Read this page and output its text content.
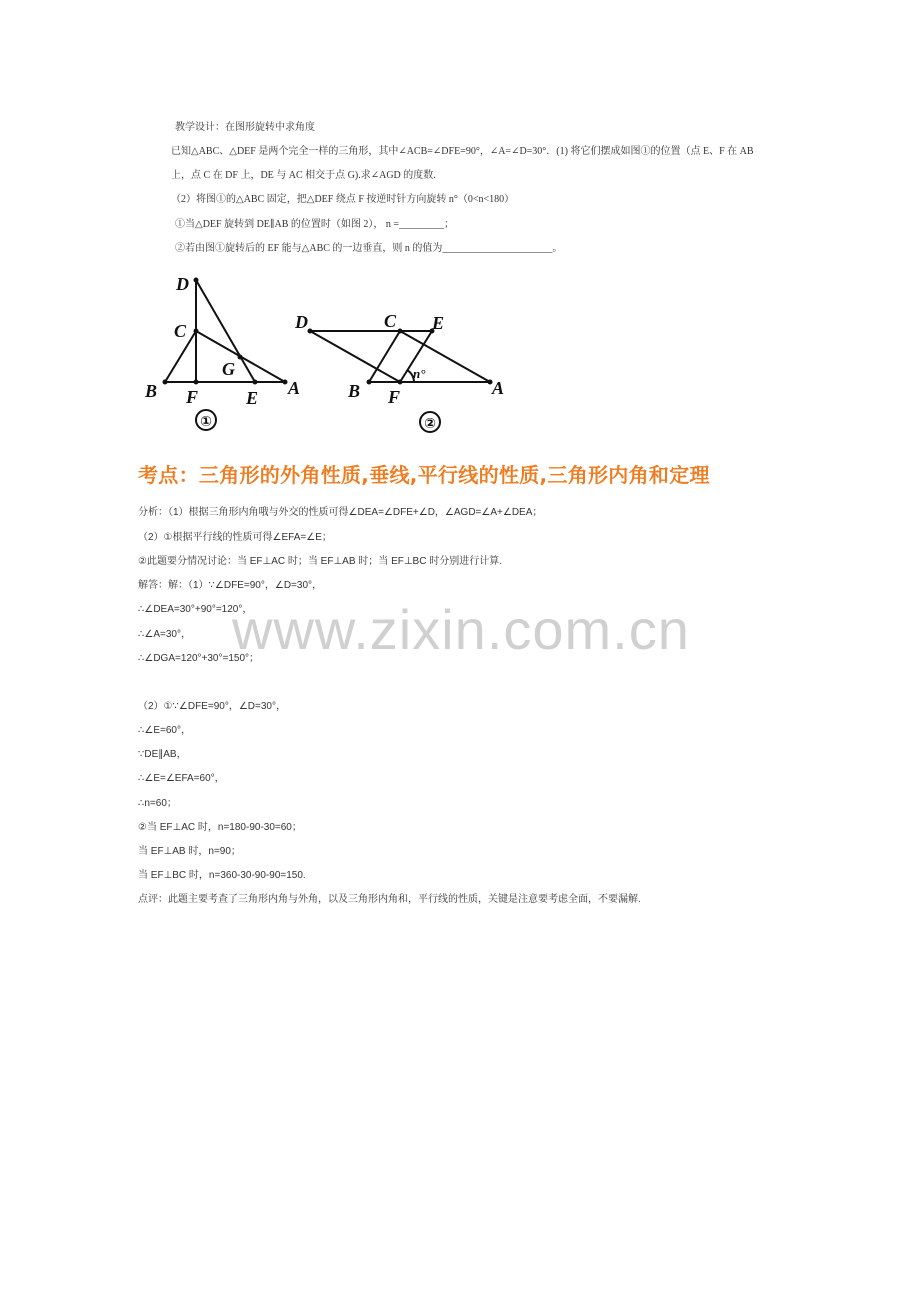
教学设计：在图形旋转中求角度
已知△ABC、△DEF 是两个完全一样的三角形，其中∠ACB=∠DFE=90°，∠A=∠D=30°．(1) 将它们摆成如图①的位置（点 E、F 在 AB
上，点 C 在 DF 上，DE 与 AC 相交于点 G).求∠AGD 的度数.
（2）将图①的△ABC 固定，把△DEF 绕点 F 按逆时针方向旋转 n°（0<n<180）
①当△DEF 旋转到 DE∥AB 的位置时（如图 2）， n =_________；
②若由图①旋转后的 EF 能与△ABC 的一边垂直，则 n 的值为______________________。
D
C
G
B F	E A
①
D	C E
B F	A
n°
②
考点：三角形的外角性质,垂线,平行线的性质,三角形内角和定理
www.zixin.com.cn
分析：（1）根据三角形内角哦与外交的性质可得∠DEA=∠DFE+∠D，∠AGD=∠A+∠DEA；
（2）①根据平行线的性质可得∠EFA=∠E；
②此题要分情况讨论：当 EF⊥AC 时；当 EF⊥AB 时；当 EF⊥BC 时分别进行计算.
解答：解：（1）∵∠DFE=90°，∠D=30°，
∴∠DEA=30°+90°=120°，
∴∠A=30°，
∴∠DGA=120°+30°=150°；
（2）①∵∠DFE=90°，∠D=30°，
∴∠E=60°，
∵DE∥AB，
∴∠E=∠EFA=60°，
∴n=60；
②当 EF⊥AC 时，n=180-90-30=60；
当 EF⊥AB 时，n=90；
当 EF⊥BC 时，n=360-30-90-90=150.
点评：此题主要考查了三角形内角与外角，以及三角形内角和，平行线的性质，关键是注意要考虑全面，不要漏解.
